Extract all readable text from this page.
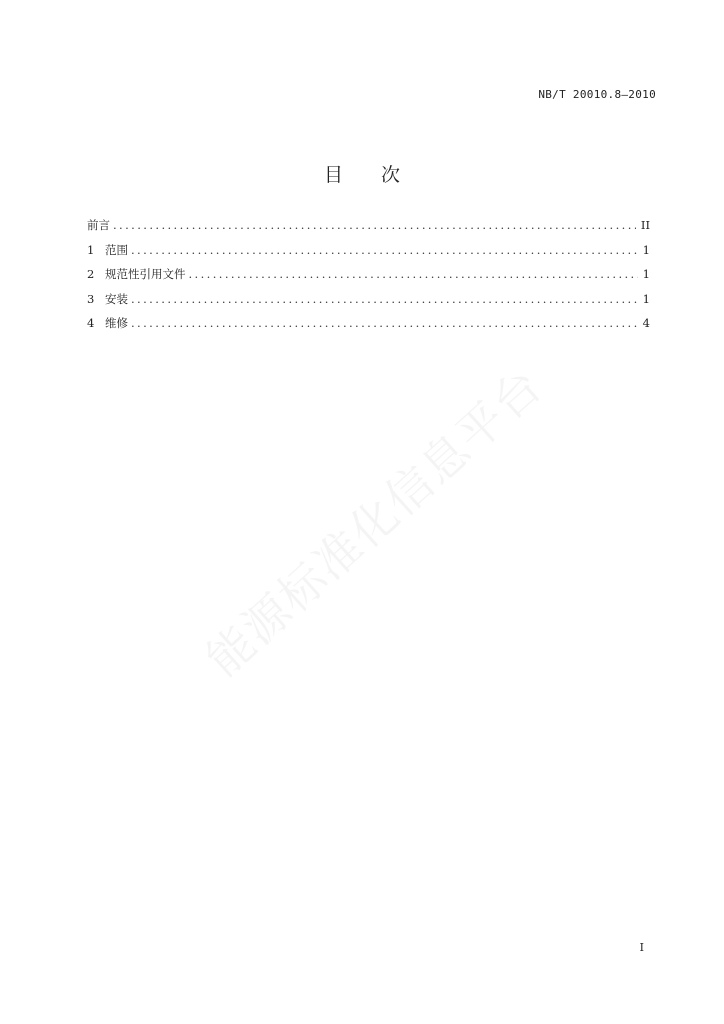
NB/T 20010.8—2010
目 次
前言 .....	II
1 范围 .....	1
2 规范性引用文件 .....	1
3 安装 .....	1
4 维修 .....	4
I
